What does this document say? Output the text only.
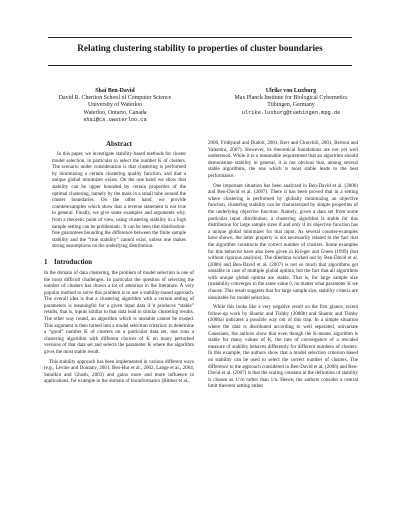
Relating clustering stability to properties of cluster boundaries
Shai Ben-David
David R. Cheriton School of Computer Science
University of Waterloo
Waterloo, Ontario, Canada
shai@cs.uwaterloo.ca
Ulrike von Luxburg
Max Planck Institute for Biological Cybernetics
Tübingen, Germany
ulrike.luxburg@tuebingen.mpg.de
Abstract

In this paper, we investigate stability-based methods for cluster model selection, in particular to select the number K of clusters. The scenario under consideration is that clustering is performed by minimizing a certain clustering quality function, and that a unique global minimizer exists. On the one hand we show that stability can be upper bounded by certain properties of the optimal clustering, namely by the mass in a small tube around the cluster boundaries. On the other hand, we provide counterexamples which show that a reverse statement is not true in general. Finally, we give some examples and arguments why, from a theoretic point of view, using clustering stability in a high sample setting can be problematic. It can be seen that distribution-free guarantees bounding the difference between the finite sample stability and the “true stability” cannot exist, unless one makes strong assumptions on the underlying distribution.

1 Introduction

In the domain of data clustering, the problem of model selection is one of the most difficult challenges. In particular the question of selecting the number of clusters has drawn a lot of attention in the literature. A very popular method to solve this problem is to use a stability-based approach. The overall idea is that a clustering algorithm with a certain setting of parameters is meaningful for a given input data if it produces “stable” results, that is, inputs similar to that data lead to similar clustering results. The other way round, an algorithm which is unstable cannot be trusted. This argument is then turned into a model selection criterion: to determine a “good” number K of clusters on a particular data set, one runs a clustering algorithm with different choices of K on many perturbed versions of that data set and selects the parameter K where the algorithm gives the most stable result.

This stability approach has been implemented in various different ways (e.g., Levine and Domany, 2001, Ben-Hur et al., 2002, Lange et al., 2004, Smolkin and Ghosh, 2003) and gains more and more influence in applications, for example in the domain of bioinformatics (Bittner et al.,

2000, Fridlyand and Dudoit, 2001, Kerr and Churchill, 2001, Bertoni and Valentini, 2007). However, its theoretical foundations are not yet well understood. While it is a reasonable requirement that an algorithm should demonstrate stability in general, it is not obvious that, among several stable algorithms, the one which is most stable leads to the best performance.

One important situation has been analyzed in Ben-David et al. (2006) and Ben-David et al. (2007). There it has been proved that in a setting where clustering is performed by globally minimizing an objective function, clustering stability can be characterized by simple properties of the underlying objective function. Namely, given a data set from some particular input distribution, a clustering algorithm is stable for this distribution for large sample sizes if and only if its objective function has a unique global minimizer for that input. As several counter-examples have shown, the latter property is not necessarily related to the fact that the algorithm constructs the correct number of clusters. Some examples for this behavior have also been given in Krieger and Green (1999) (but without rigorous analysis). The dilemma worked out by Ben-David et al. (2006) and Ben-David et al. (2007) is not so much that algorithms get unstable in case of multiple global optima, but the fact that all algorithms with unique global optima are stable. That is, for large sample size (instability converges to the same value 0, no matter what parameter K we choose. This result suggests that for large sample size, stability criteria are unsuitable for model selection.

While this looks like a very negative result on the first glance, recent follow-up work by Shamir and Tishby (2008b) and Shamir and Tishby (2008a) indicates a possible way out of this trap. In a simple situation where the data is distributed according to well separated, univariate Gaussians, the authors show that even though the K-means algorithm is stable for many values of K, the rate of convergence of a rescaled measure of stability behaves differently for different numbers of clusters. In this example, the authors show that a model selection criterion based on stability can be used to select the correct number of clusters. The difference to the approach considered in Ben-David et al. (2006) and Ben-David et al. (2007) is that the scaling constant in the definition of stability is chosen as 1/√n rather than 1/n. Hence, the authors consider a central limit theorem setting rather
